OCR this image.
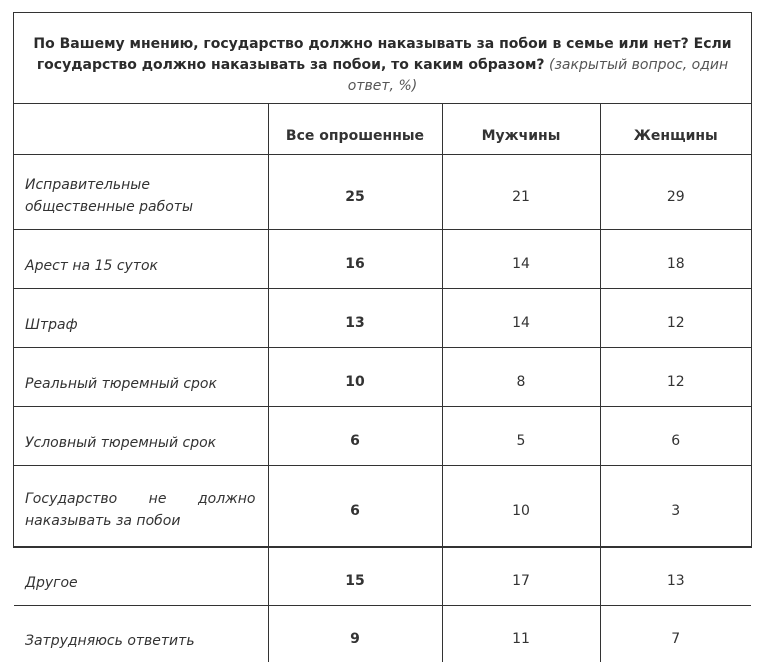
По Вашему мнению, государство должно наказывать за побои в семье или нет? Если государство должно наказывать за побои, то каким образом? (закрытый вопрос, один ответ, %)
	Все опрошенные	Мужчины	Женщины
Исправительные общественные работы	25	21	29
Арест на 15 суток	16	14	18
Штраф	13	14	12
Реальный тюремный срок	10	8	12
Условный тюремный срок	6	5	6
Государство не должно наказывать за побои	6	10	3
Другое	15	17	13
Затрудняюсь ответить	9	11	7
